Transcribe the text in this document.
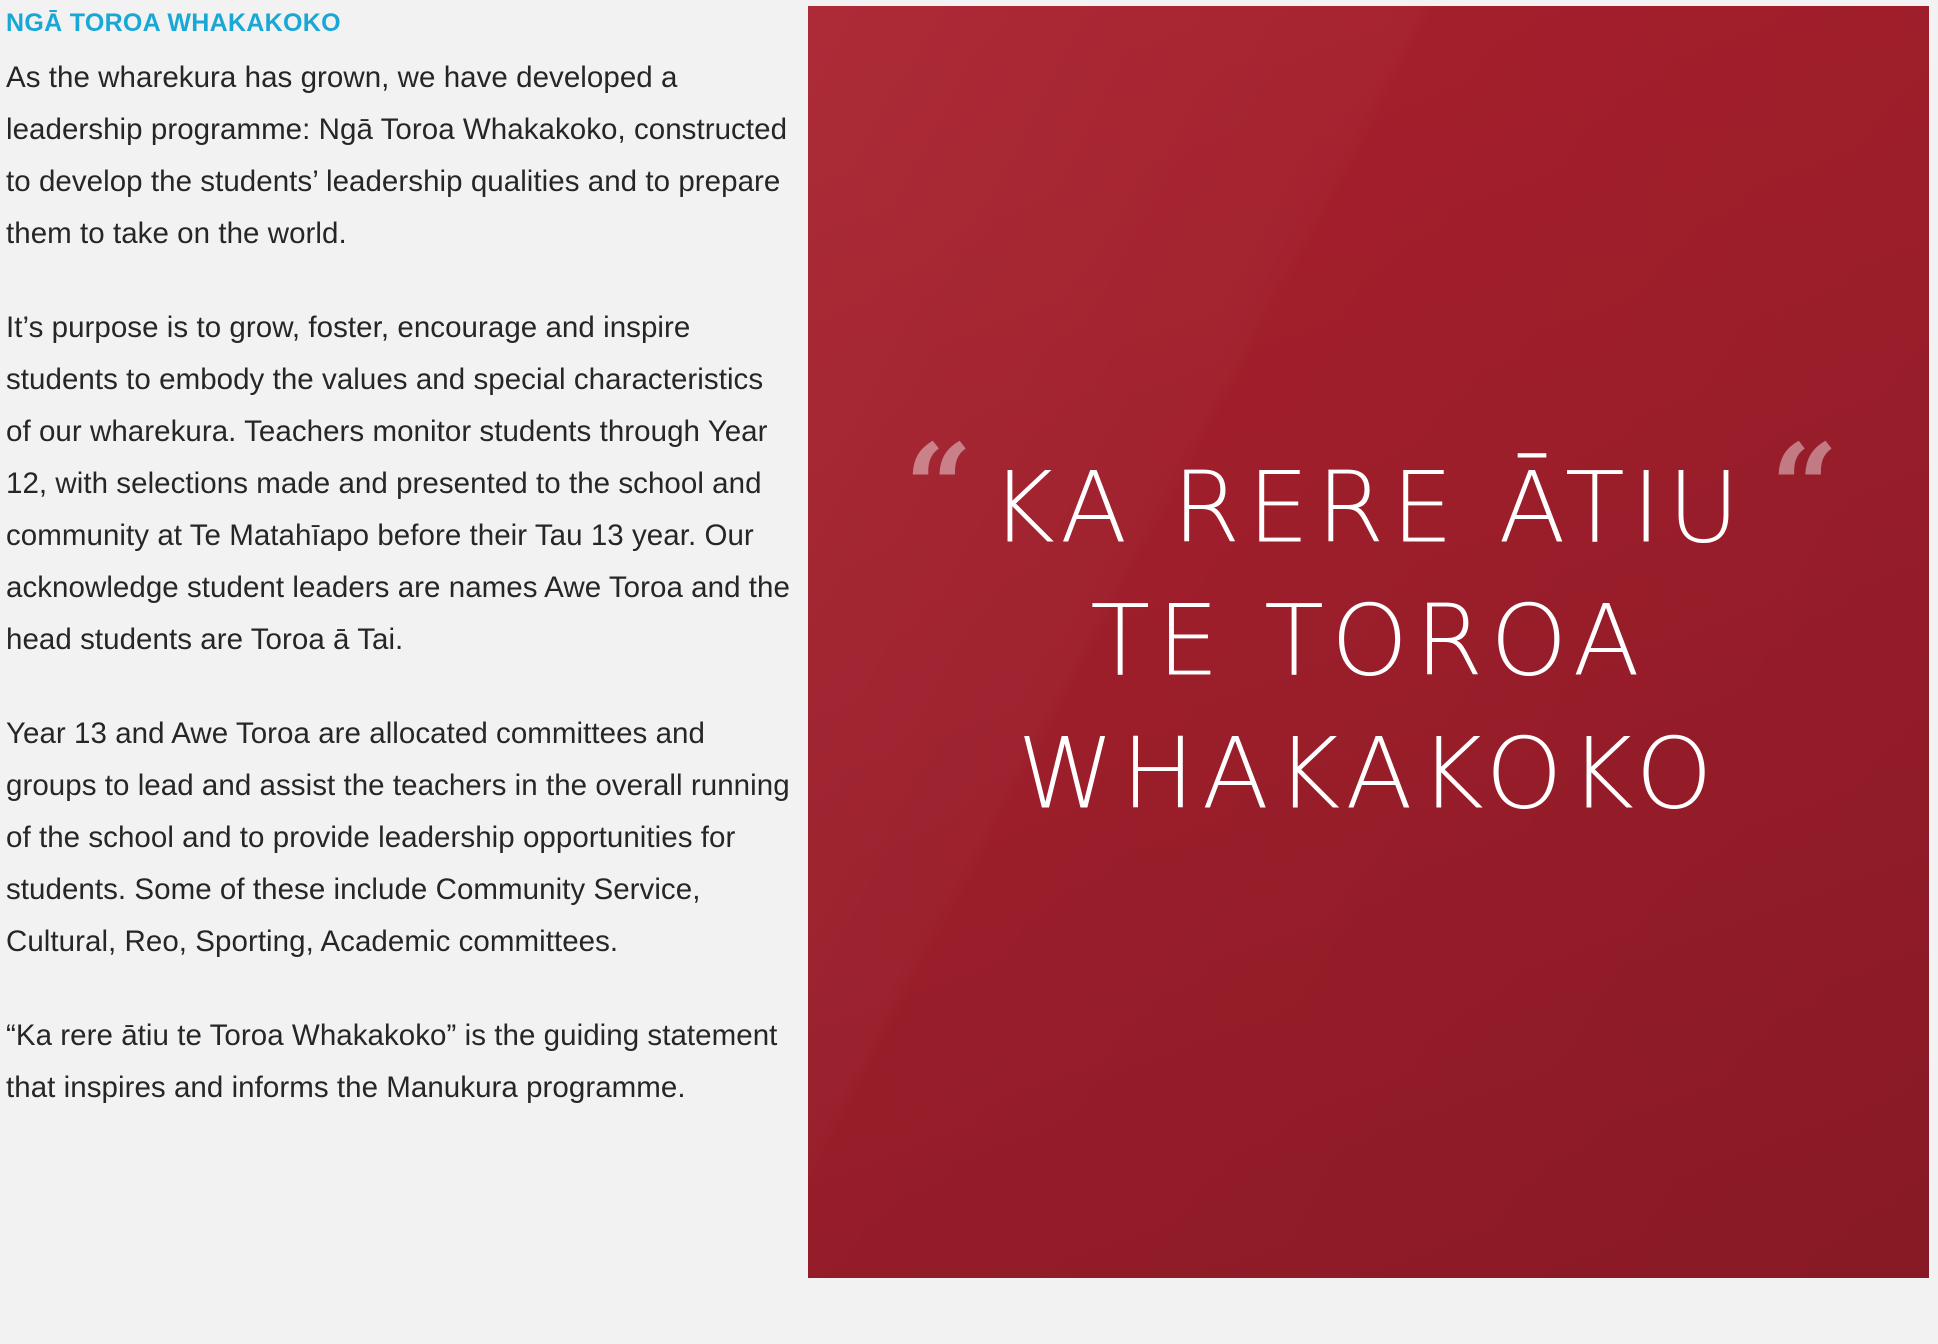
NGĀ TOROA WHAKAKOKO

As the wharekura has grown, we have developed a leadership programme: Ngā Toroa Whakakoko, constructed to develop the students’ leadership qualities and to prepare them to take on the world.

It’s purpose is to grow, foster, encourage and inspire students to embody the values and special characteristics of our wharekura. Teachers monitor students through Year 12, with selections made and presented to the school and community at Te Matahīapo before their Tau 13 year. Our acknowledge student leaders are names Awe Toroa and the head students are Toroa ā Tai.

Year 13 and Awe Toroa are allocated committees and groups to lead and assist the teachers in the overall running of the school and to provide leadership opportunities for students. Some of these include Community Service, Cultural, Reo, Sporting, Academic committees.

“Ka rere ātiu te Toroa Whakakoko” is the guiding statement that inspires and informs the Manukura programme.

“ KA RERE ĀTIU “
TE TOROA
WHAKAKOKO
